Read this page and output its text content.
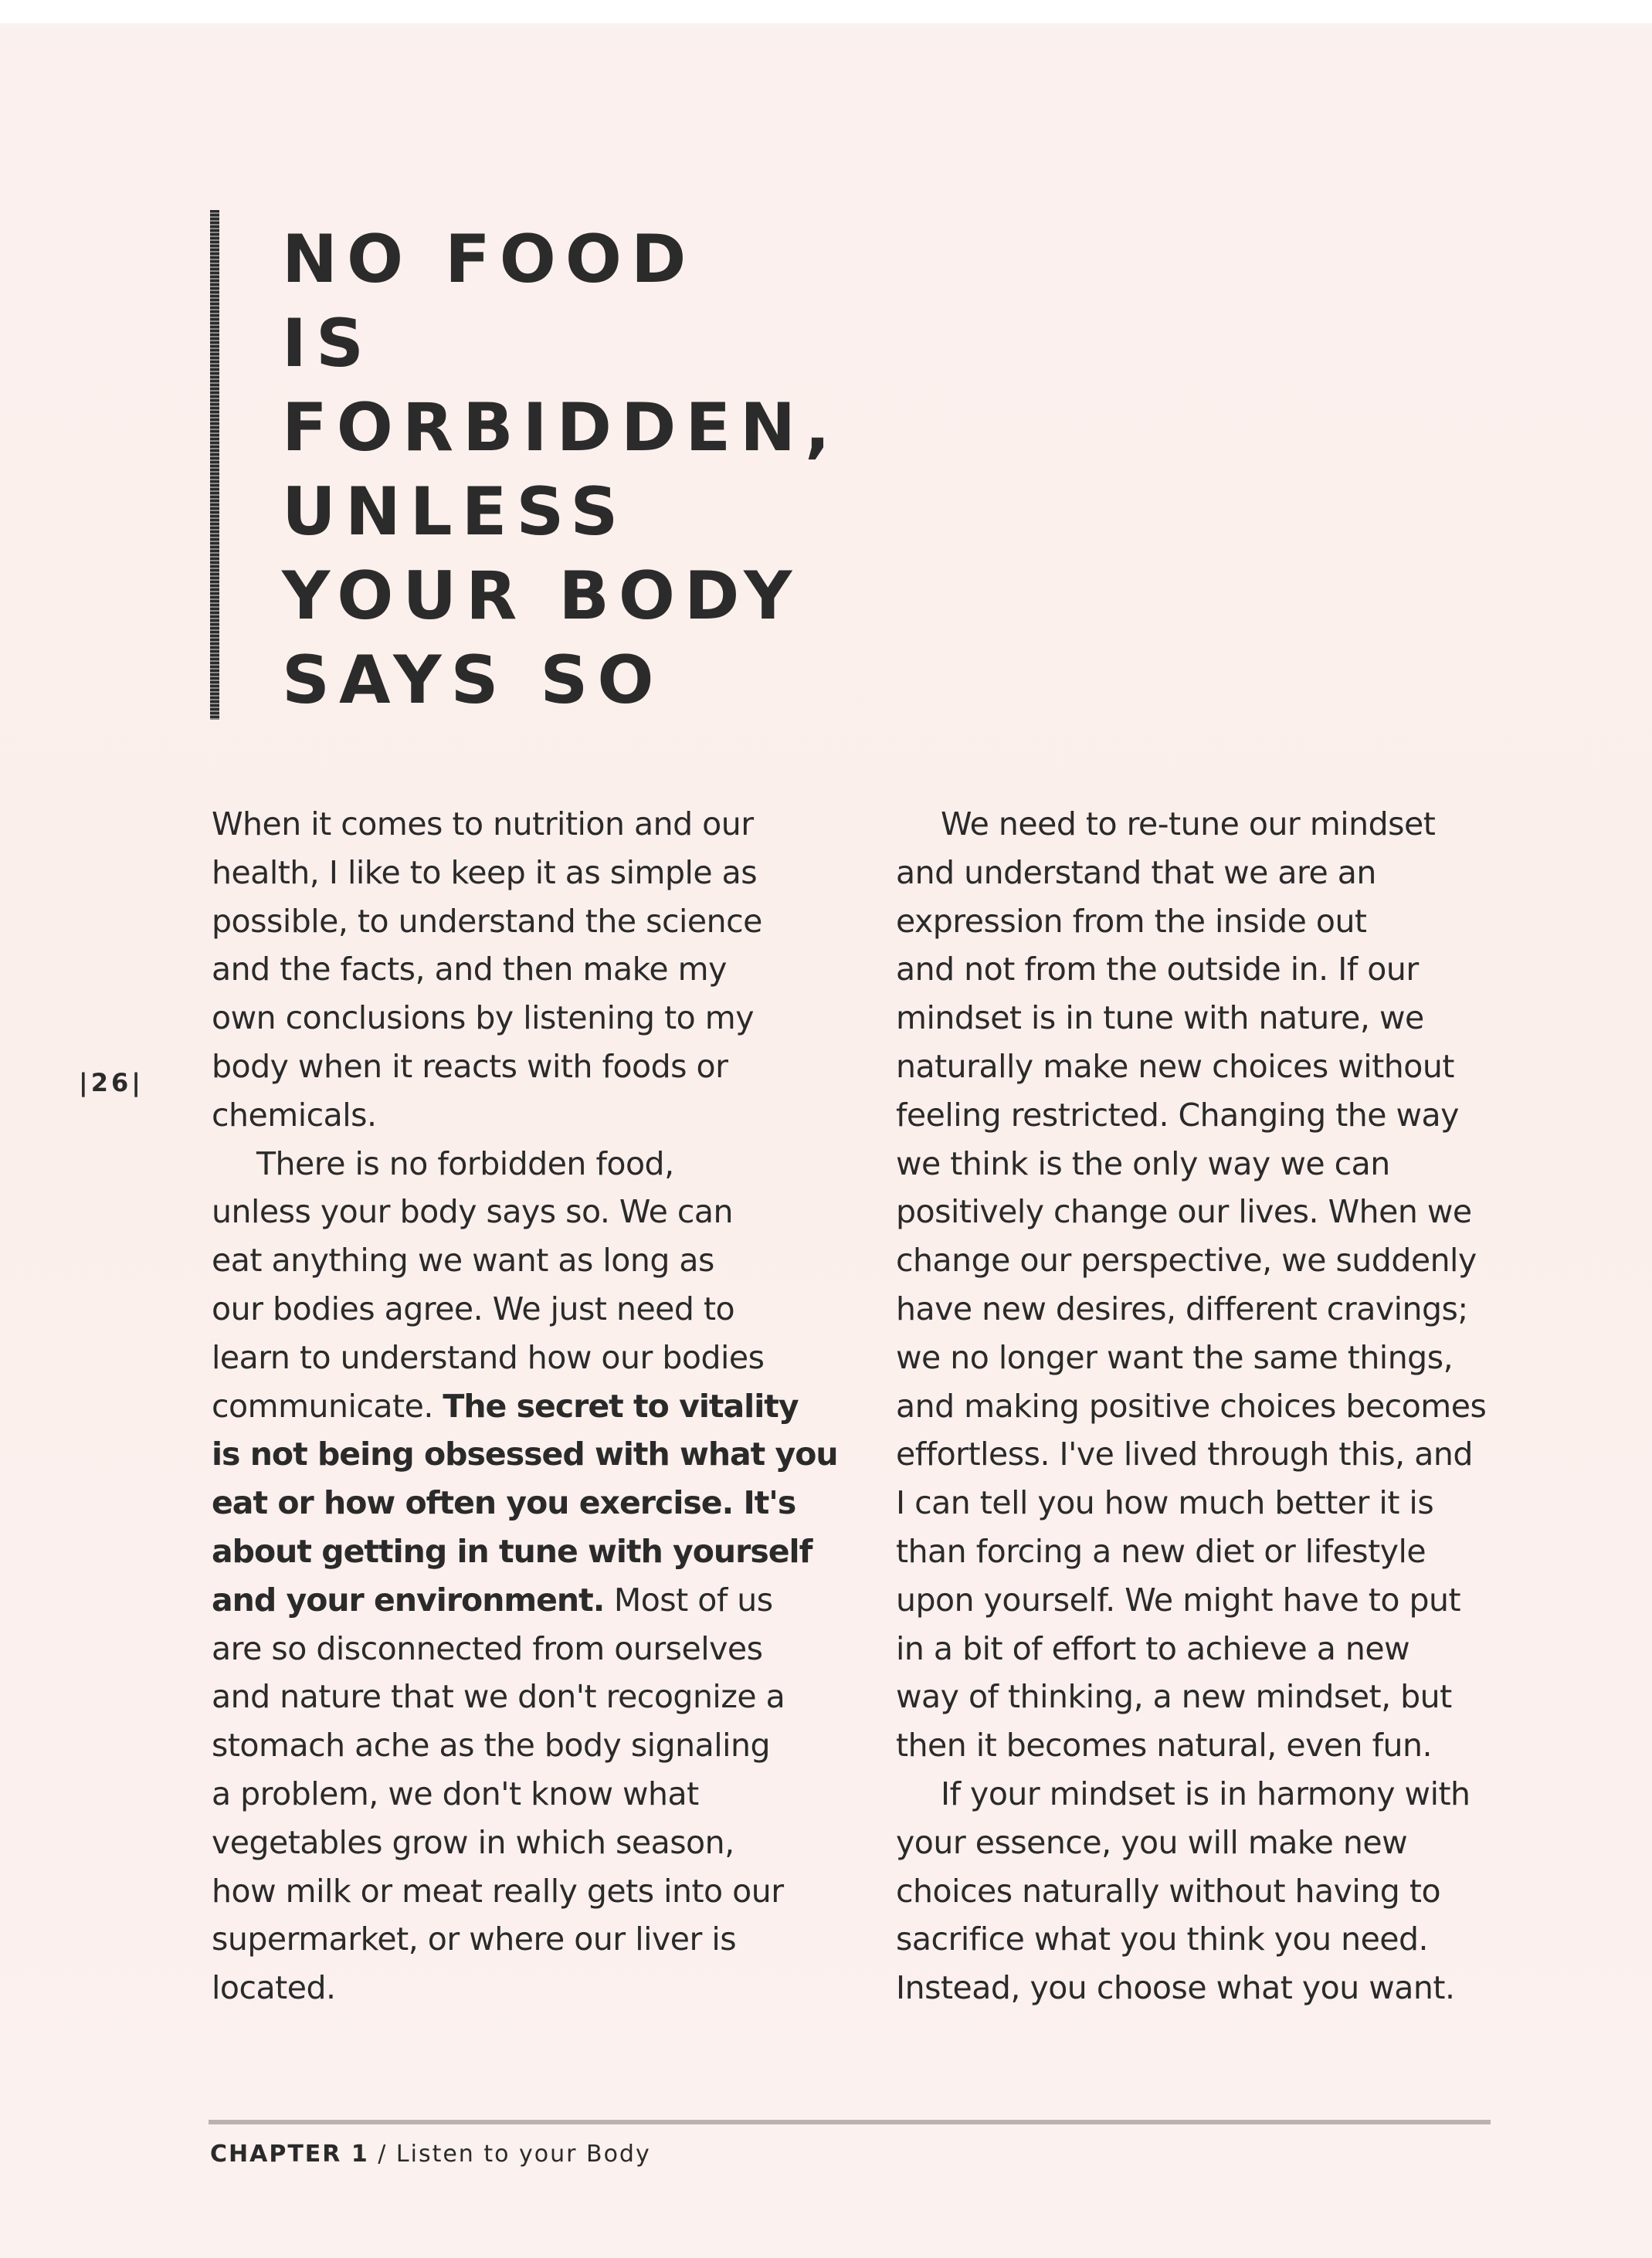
NO FOOD
IS
FORBIDDEN,
UNLESS
YOUR BODY
SAYS SO
|26|

When it comes to nutrition and our
health, I like to keep it as simple as
possible, to understand the science
and the facts, and then make my
own conclusions by listening to my
body when it reacts with foods or
chemicals.

There is no forbidden food,
unless your body says so. We can
eat anything we want as long as
our bodies agree. We just need to
learn to understand how our bodies
communicate. The secret to vitality
is not being obsessed with what you
eat or how often you exercise. It's
about getting in tune with yourself
and your environment. Most of us
are so disconnected from ourselves
and nature that we don't recognize a
stomach ache as the body signaling
a problem, we don't know what
vegetables grow in which season,
how milk or meat really gets into our
supermarket, or where our liver is
located.

We need to re-tune our mindset
and understand that we are an
expression from the inside out
and not from the outside in. If our
mindset is in tune with nature, we
naturally make new choices without
feeling restricted. Changing the way
we think is the only way we can
positively change our lives. When we
change our perspective, we suddenly
have new desires, different cravings;
we no longer want the same things,
and making positive choices becomes
effortless. I've lived through this, and
I can tell you how much better it is
than forcing a new diet or lifestyle
upon yourself. We might have to put
in a bit of effort to achieve a new
way of thinking, a new mindset, but
then it becomes natural, even fun.

If your mindset is in harmony with
your essence, you will make new
choices naturally without having to
sacrifice what you think you need.
Instead, you choose what you want.

CHAPTER 1 / Listen to your Body
